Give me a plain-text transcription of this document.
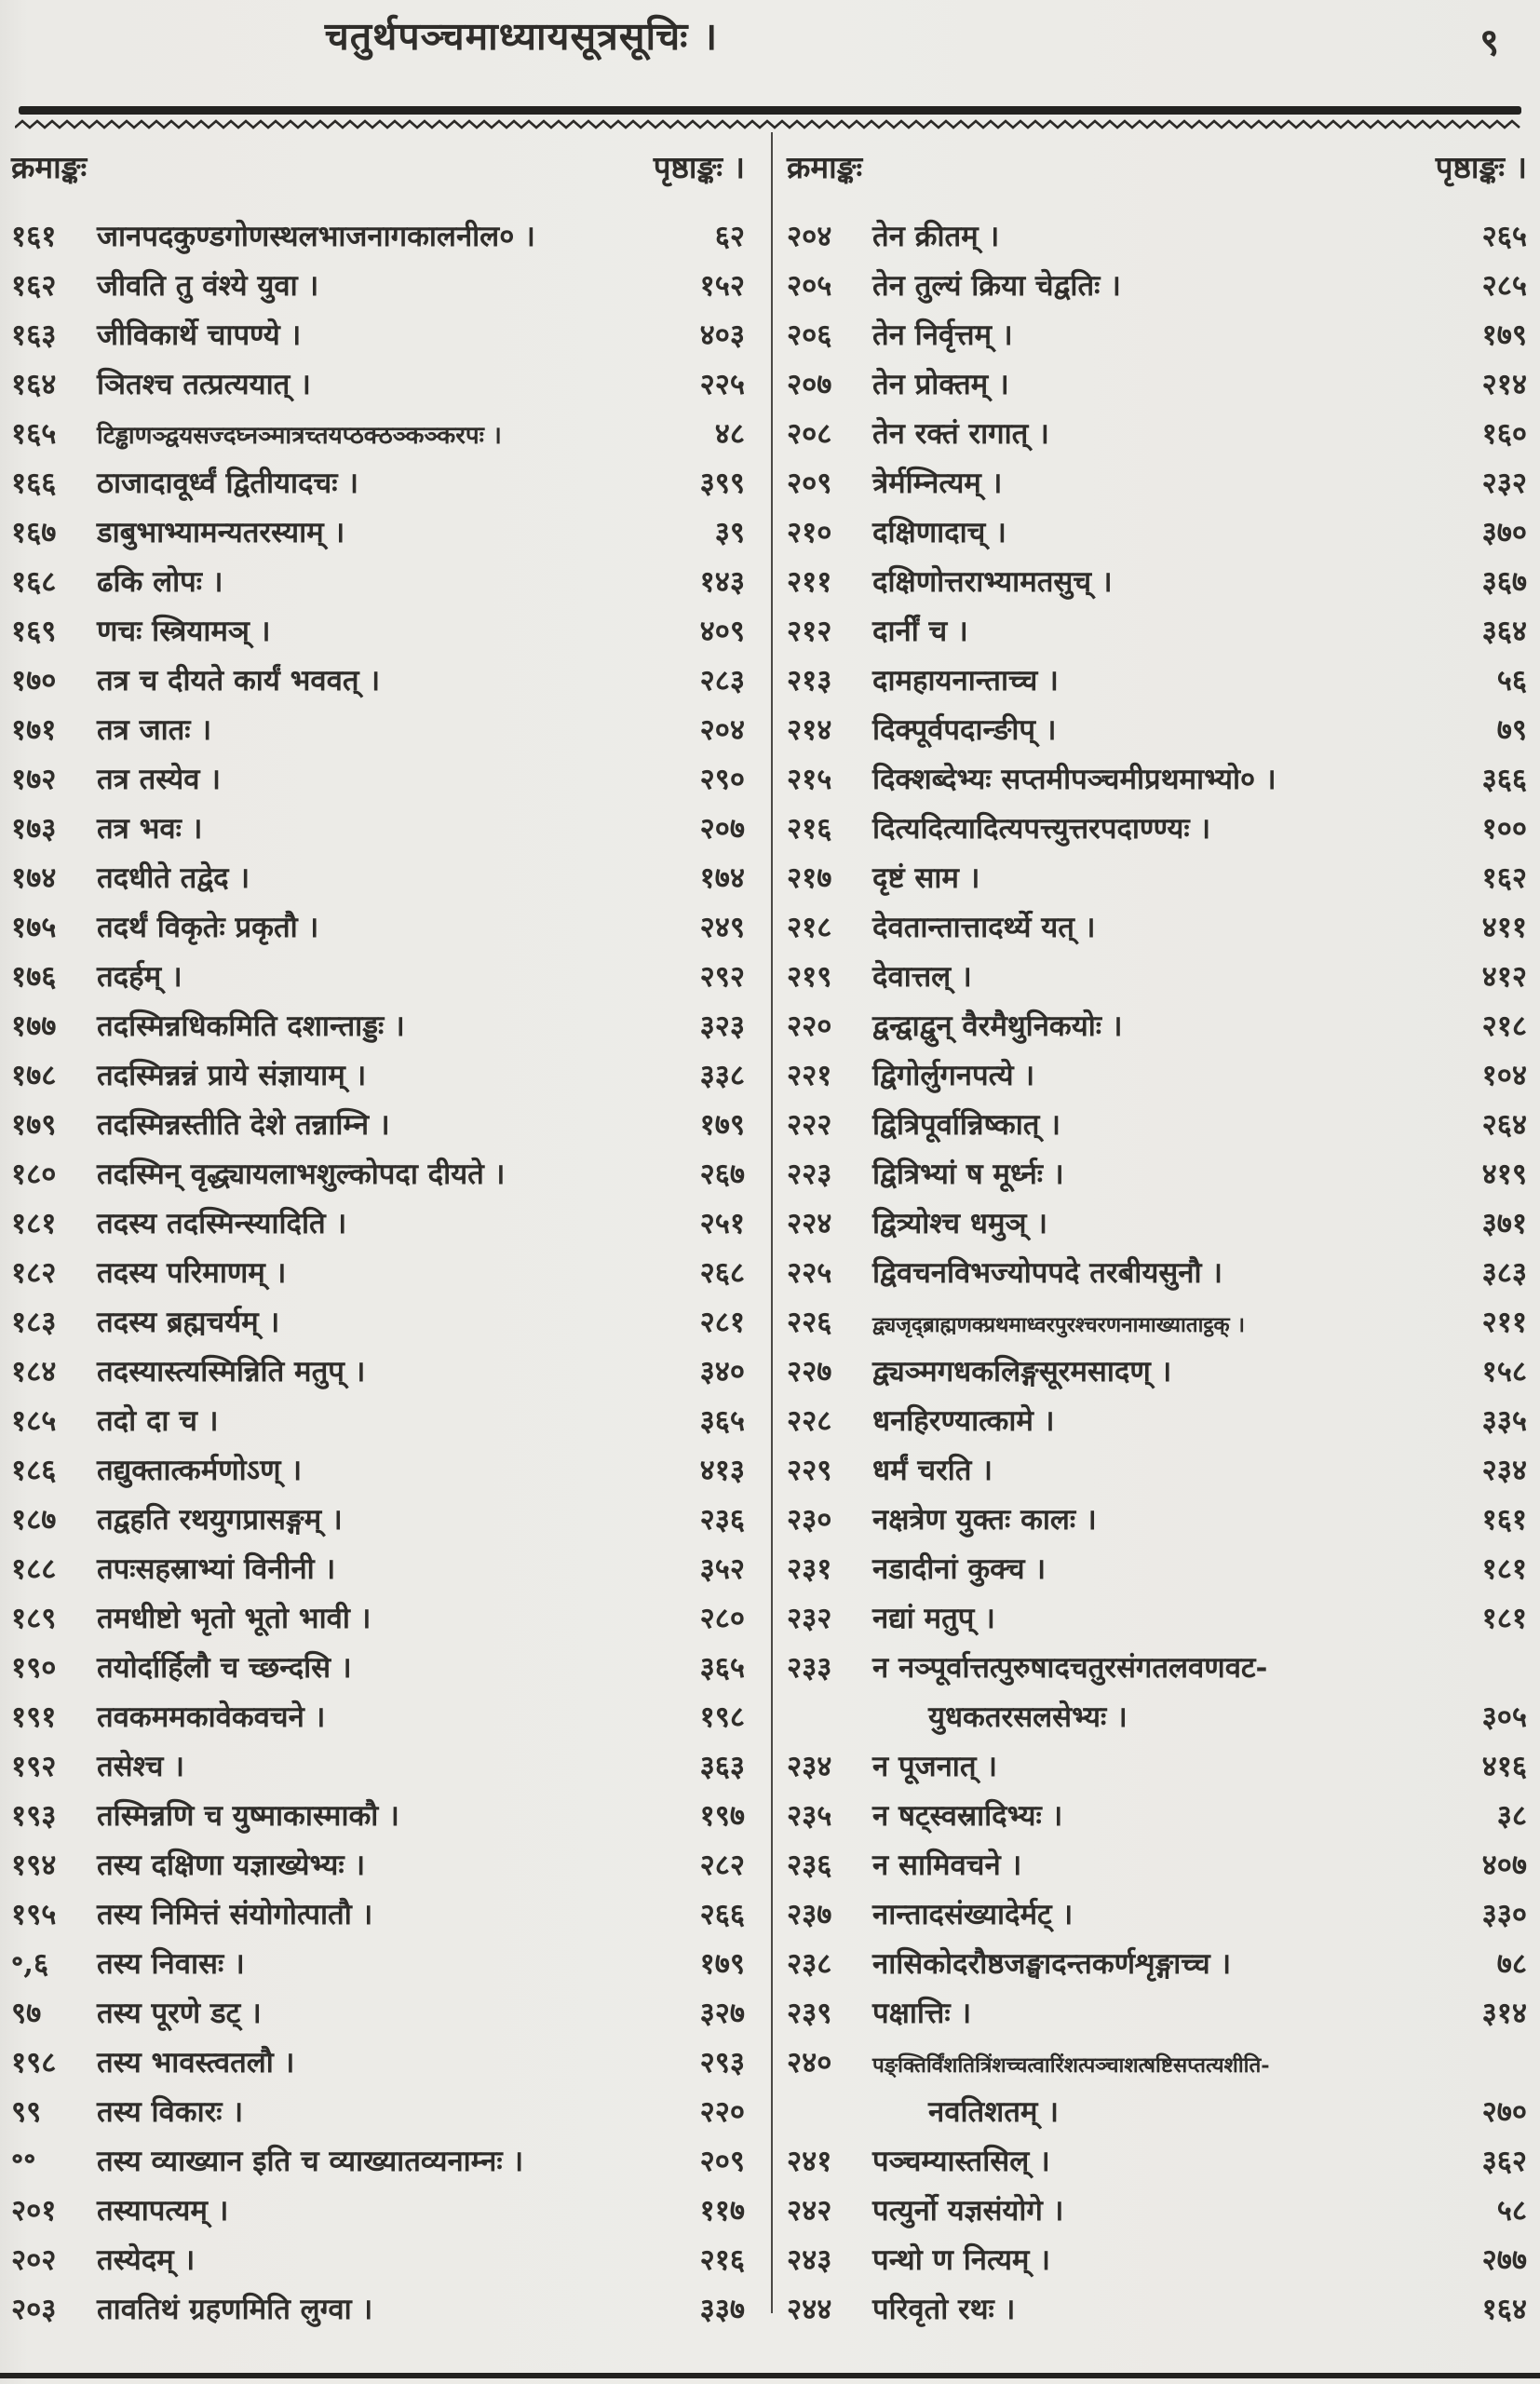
चतुर्थपञ्चमाध्यायसूत्रसूचिः ।	९
क्रमाङ्कः	पृष्ठाङ्कः ।
१६१	जानपदकुण्डगोणस्थलभाजनागकालनील० ।	६२
१६२	जीवति तु वंश्ये युवा ।	१५२
१६३	जीविकार्थे चापण्ये ।	४०३
१६४	ञितश्च तत्प्रत्ययात् ।	२२५
१६५	टिड्ढाणञ्द्वयसज्दघ्नञ्मात्रच्तयप्ठक्ठञ्कञ्करपः ।	४८
१६६	ठाजादावूर्ध्वं द्वितीयादचः ।	३९९
१६७	डाबुभाभ्यामन्यतरस्याम् ।	३९
१६८	ढकि लोपः ।	१४३
१६९	णचः स्त्रियामञ् ।	४०९
१७०	तत्र च दीयते कार्यं भववत् ।	२८३
१७१	तत्र जातः ।	२०४
१७२	तत्र तस्येव ।	२९०
१७३	तत्र भवः ।	२०७
१७४	तदधीते तद्वेद ।	१७४
१७५	तदर्थं विकृतेः प्रकृतौ ।	२४९
१७६	तदर्हम् ।	२९२
१७७	तदस्मिन्नधिकमिति दशान्ताड्डः ।	३२३
१७८	तदस्मिन्नन्नं प्राये संज्ञायाम् ।	३३८
१७९	तदस्मिन्नस्तीति देशे तन्नाम्नि ।	१७९
१८०	तदस्मिन् वृद्ध्यायलाभशुल्कोपदा दीयते ।	२६७
१८१	तदस्य तदस्मिन्स्यादिति ।	२५१
१८२	तदस्य परिमाणम् ।	२६८
१८३	तदस्य ब्रह्मचर्यम् ।	२८१
१८४	तदस्यास्त्यस्मिन्निति मतुप् ।	३४०
१८५	तदो दा च ।	३६५
१८६	तद्युक्तात्कर्मणोऽण् ।	४१३
१८७	तद्वहति रथयुगप्रासङ्गम् ।	२३६
१८८	तपःसहस्राभ्यां विनीनी ।	३५२
१८९	तमधीष्टो भृतो भूतो भावी ।	२८०
१९०	तयोर्दार्हिलौ च च्छन्दसि ।	३६५
१९१	तवकममकावेकवचने ।	१९८
१९२	तसेश्च ।	३६३
१९३	तस्मिन्नणि च युष्माकास्माकौ ।	१९७
१९४	तस्य दक्षिणा यज्ञाख्येभ्यः ।	२८२
१९५	तस्य निमित्तं संयोगोत्पातौ ।	२६६
॰,६	तस्य निवासः ।	१७९
९७	तस्य पूरणे डट् ।	३२७
१९८	तस्य भावस्त्वतलौ ।	२९३
९९	तस्य विकारः ।	२२०
॰॰	तस्य व्याख्यान इति च व्याख्यातव्यनाम्नः ।	२०९
२०१	तस्यापत्यम् ।	११७
२०२	तस्येदम् ।	२१६
२०३	तावतिथं ग्रहणमिति लुग्वा ।	३३७
क्रमाङ्कः	पृष्ठाङ्कः ।
२०४	तेन क्रीतम् ।	२६५
२०५	तेन तुल्यं क्रिया चेद्वतिः ।	२८५
२०६	तेन निर्वृत्तम् ।	१७९
२०७	तेन प्रोक्तम् ।	२१४
२०८	तेन रक्तं रागात् ।	१६०
२०९	त्रेर्मम्नित्यम् ।	२३२
२१०	दक्षिणादाच् ।	३७०
२११	दक्षिणोत्तराभ्यामतसुच् ।	३६७
२१२	दार्नीं च ।	३६४
२१३	दामहायनान्ताच्च ।	५६
२१४	दिक्पूर्वपदान्ङीप् ।	७९
२१५	दिक्शब्देभ्यः सप्तमीपञ्चमीप्रथमाभ्यो० ।	३६६
२१६	दित्यदित्यादित्यपत्त्युत्तरपदाण्ण्यः ।	१००
२१७	दृष्टं साम ।	१६२
२१८	देवतान्तात्तादर्थ्ये यत् ।	४११
२१९	देवात्तल् ।	४१२
२२०	द्वन्द्वाद्वुन् वैरमैथुनिकयोः ।	२१८
२२१	द्विगोर्लुगनपत्ये ।	१०४
२२२	द्वित्रिपूर्वान्निष्कात् ।	२६४
२२३	द्वित्रिभ्यां ष मूर्ध्नः ।	४१९
२२४	द्वित्र्योश्च धमुञ् ।	३७१
२२५	द्विवचनविभज्योपपदे तरबीयसुनौ ।	३८३
२२६	द्व्यजृद्ब्राह्मणक्प्रथमाध्वरपुरश्चरणनामाख्याताट्ठक् ।	२११
२२७	द्व्यञ्मगधकलिङ्गसूरमसादण् ।	१५८
२२८	धनहिरण्यात्कामे ।	३३५
२२९	धर्मं चरति ।	२३४
२३०	नक्षत्रेण युक्तः कालः ।	१६१
२३१	नडादीनां कुक्च ।	१८१
२३२	नद्यां मतुप् ।	१८१
२३३	न नञ्पूर्वात्तत्पुरुषादचतुरसंगतलवणवट-
युधकतरसलसेभ्यः ।	३०५
२३४	न पूजनात् ।	४१६
२३५	न षट्स्वस्रादिभ्यः ।	३८
२३६	न सामिवचने ।	४०७
२३७	नान्तादसंख्यादेर्मट् ।	३३०
२३८	नासिकोदरौष्ठजङ्घादन्तकर्णशृङ्गाच्च ।	७८
२३९	पक्षात्तिः ।	३१४
२४०	पङ्क्तिर्विंशतित्रिंशच्चत्वारिंशत्पञ्चाशत्षष्टिसप्तत्यशीति-
नवतिशतम् ।	२७०
२४१	पञ्चम्यास्तसिल् ।	३६२
२४२	पत्युर्नो यज्ञसंयोगे ।	५८
२४३	पन्थो ण नित्यम् ।	२७७
२४४	परिवृतो रथः ।	१६४
